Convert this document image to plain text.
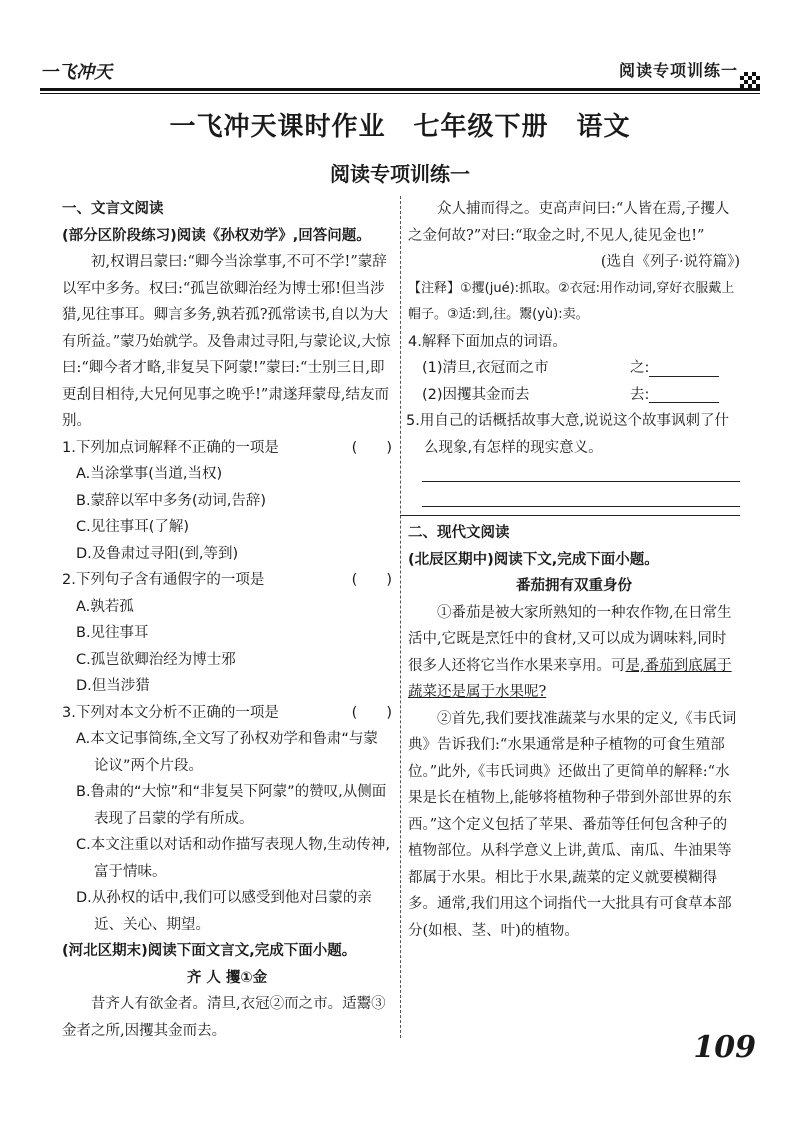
一飞冲天	阅读专项训练一
一飞冲天课时作业 七年级下册 语文
阅读专项训练一

一、文言文阅读

(部分区阶段练习)阅读《孙权劝学》,回答问题。

初,权谓吕蒙曰:“卿今当涂掌事,不可不学!”蒙辞以军中多务。权曰:“孤岂欲卿治经为博士邪!但当涉猎,见往事耳。卿言多务,孰若孤?孤常读书,自以为大有所益。”蒙乃始就学。及鲁肃过寻阳,与蒙论议,大惊曰:“卿今者才略,非复吴下阿蒙!”蒙曰:“士别三日,即更刮目相待,大兄何见事之晚乎!”肃遂拜蒙母,结友而别。

1.下列加点词解释不正确的一项是	(　　)

A.当涂掌事(当道,当权)

B.蒙辞以军中多务(动词,告辞)

C.见往事耳(了解)

D.及鲁肃过寻阳(到,等到)

2.下列句子含有通假字的一项是	(　　)

A.孰若孤

B.见往事耳

C.孤岂欲卿治经为博士邪

D.但当涉猎

3.下列对本文分析不正确的一项是	(　　)

A.本文记事简练,全文写了孙权劝学和鲁肃“与蒙论议”两个片段。

B.鲁肃的“大惊”和“非复吴下阿蒙”的赞叹,从侧面表现了吕蒙的学有所成。

C.本文注重以对话和动作描写表现人物,生动传神,富于情味。

D.从孙权的话中,我们可以感受到他对吕蒙的亲近、关心、期望。

(河北区期末)阅读下面文言文,完成下面小题。

齐 人 攫①金

昔齐人有欲金者。清旦,衣冠②而之市。适鬻③金者之所,因攫其金而去。

众人捕而得之。吏高声问曰:“人皆在焉,子攫人之金何故?”对曰:“取金之时,不见人,徒见金也!”

(选自《列子·说符篇》)

【注释】①攫(jué):抓取。②衣冠:用作动词,穿好衣服戴上帽子。③适:到,往。鬻(yù):卖。

4.解释下面加点的词语。

(1)清旦,衣冠而之市	之:
(2)因攫其金而去	去:

5.用自己的话概括故事大意,说说这个故事讽刺了什么现象,有怎样的现实意义。

二、现代文阅读

(北辰区期中)阅读下文,完成下面小题。

番茄拥有双重身份

①番茄是被大家所熟知的一种农作物,在日常生活中,它既是烹饪中的食材,又可以成为调味料,同时很多人还将它当作水果来享用。可是,番茄到底属于蔬菜还是属于水果呢?

②首先,我们要找准蔬菜与水果的定义,《韦氏词典》告诉我们:“水果通常是种子植物的可食生殖部位。”此外,《韦氏词典》还做出了更简单的解释:“水果是长在植物上,能够将植物种子带到外部世界的东西。”这个定义包括了苹果、番茄等任何包含种子的植物部位。从科学意义上讲,黄瓜、南瓜、牛油果等都属于水果。相比于水果,蔬菜的定义就要模糊得多。通常,我们用这个词指代一大批具有可食草本部分(如根、茎、叶)的植物。

109
